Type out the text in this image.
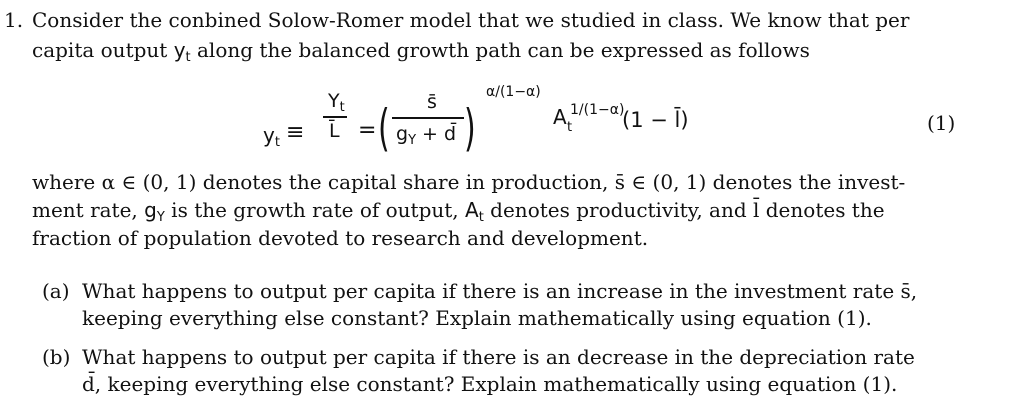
1. Consider the conbined Solow-Romer model that we studied in class. We know that per
capita output $y_t$ along the balanced growth path can be expressed as follows
$y_t$ ≡
$Y_t$
L̄ = ( s̄
$g_Y$ + d̄ )
α/(1−α)
A 1/(1−α)
t (1 − l̄)	(1)
where α ∈ (0, 1) denotes the capital share in production, s̄ ∈ (0, 1) denotes the invest-
ment rate, $g_Y$ is the growth rate of output, $A_t$ denotes productivity, and l̄ denotes the
fraction of population devoted to research and development.
(a) What happens to output per capita if there is an increase in the investment rate s̄,
keeping everything else constant? Explain mathematically using equation (1).
(b) What happens to output per capita if there is an decrease in the depreciation rate
d̄, keeping everything else constant? Explain mathematically using equation (1).
